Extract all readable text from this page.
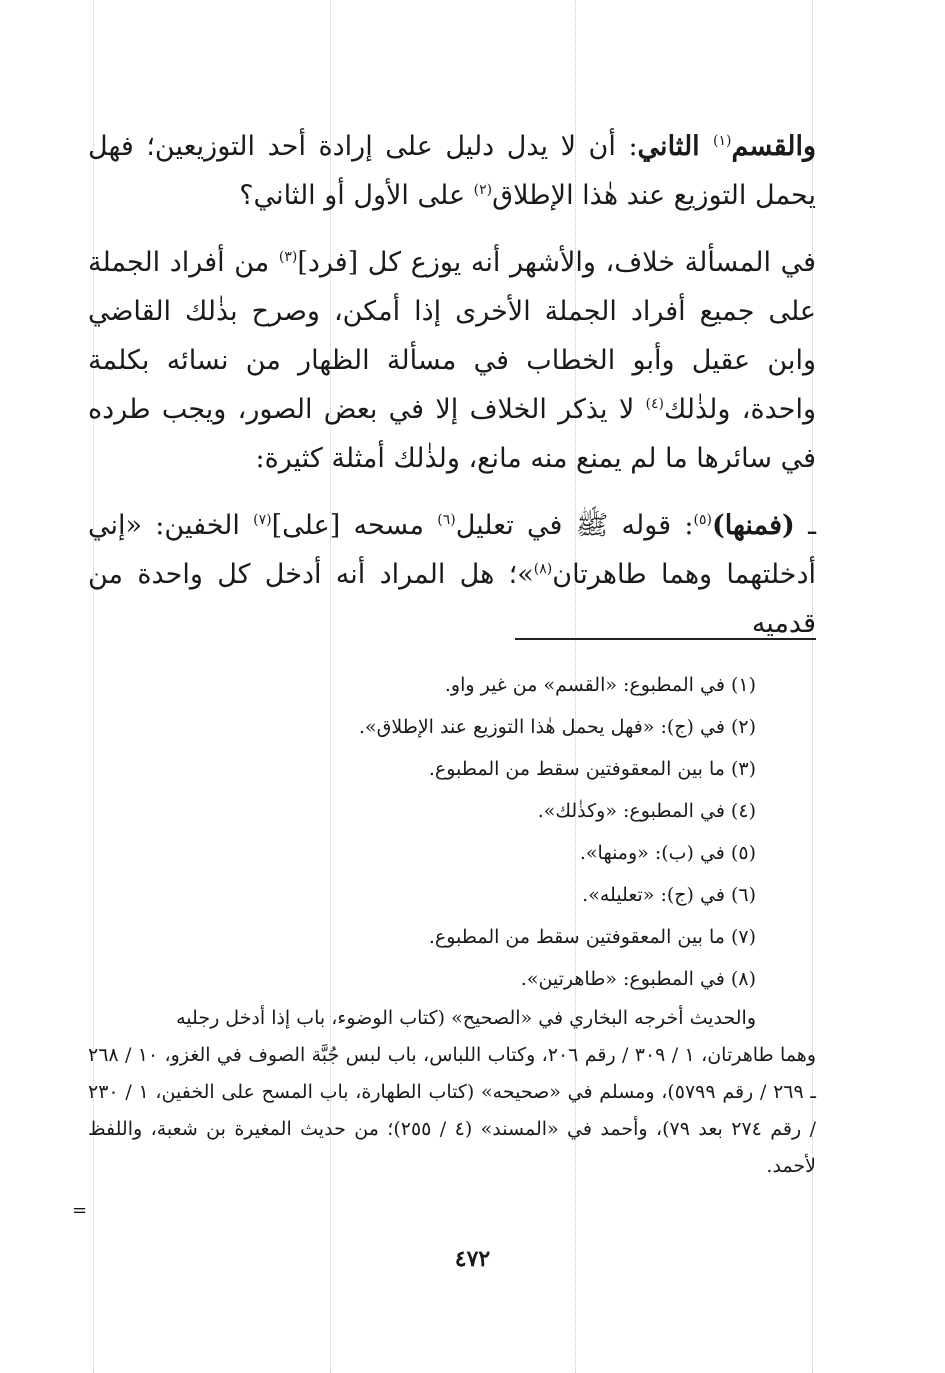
والقسم$^{(١)}$ الثاني: أن لا يدل دليل على إرادة أحد التوزيعين؛ فهل يحمل التوزيع عند هٰذا الإطلاق$^{(٢)}$ على الأول أو الثاني؟

في المسألة خلاف، والأشهر أنه يوزع كل [فرد]$^{(٣)}$ من أفراد الجملة على جميع أفراد الجملة الأخرى إذا أمكن، وصرح بذٰلك القاضي وابن عقيل وأبو الخطاب في مسألة الظهار من نسائه بكلمة واحدة، ولذٰلك$^{(٤)}$ لا يذكر الخلاف إلا في بعض الصور، ويجب طرده في سائرها ما لم يمنع منه مانع، ولذٰلك أمثلة كثيرة:

ـ (فمنها)$^{(٥)}$: قوله ﷺ في تعليل$^{(٦)}$ مسحه [على]$^{(٧)}$ الخفين: «إني أدخلتهما وهما طاهرتان$^{(٨)}$»؛ هل المراد أنه أدخل كل واحدة من قدميه

(١) في المطبوع: «القسم» من غير واو.

(٢) في (ج): «فهل يحمل هٰذا التوزيع عند الإطلاق».

(٣) ما بين المعقوفتين سقط من المطبوع.

(٤) في المطبوع: «وكذٰلك».

(٥) في (ب): «ومنها».

(٦) في (ج): «تعليله».

(٧) ما بين المعقوفتين سقط من المطبوع.

(٨) في المطبوع: «طاهرتين».

والحديث أخرجه البخاري في «الصحيح» (كتاب الوضوء، باب إذا أدخل رجليه

وهما طاهرتان، ١ / ٣٠٩ / رقم ٢٠٦، وكتاب اللباس، باب لبس جُبَّة الصوف في الغزو، ١٠ / ٢٦٨ ـ ٢٦٩ / رقم ٥٧٩٩)، ومسلم في «صحيحه» (كتاب الطهارة، باب المسح على الخفين، ١ / ٢٣٠ / رقم ٢٧٤ بعد ٧٩)، وأحمد في «المسند» (٤ / ٢٥٥)؛ من حديث المغيرة بن شعبة، واللفظ لأحمد.

=
٤٧٢
